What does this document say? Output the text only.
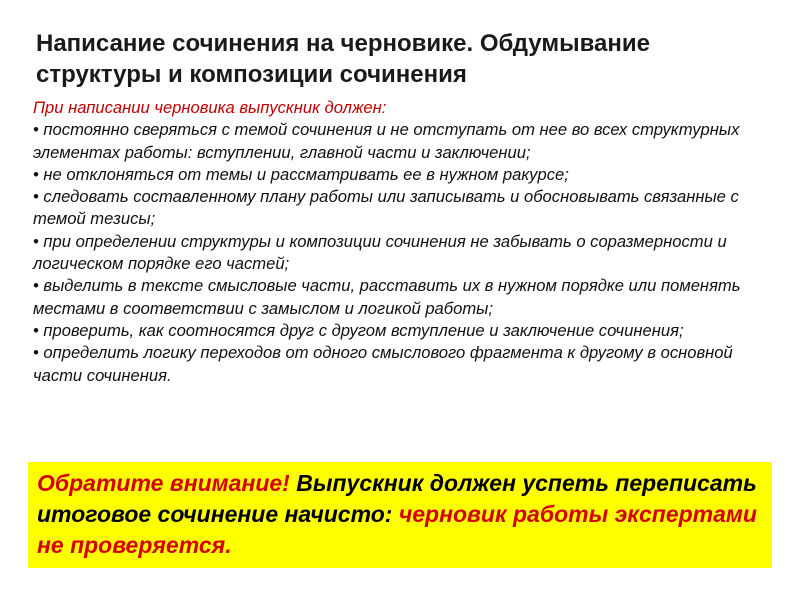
Написание сочинения на черновике. Обдумывание структуры и композиции сочинения
При написании черновика выпускник должен:
• постоянно сверяться с темой сочинения и не отступать от нее во всех структурных элементах работы: вступлении, главной части и заключении;
• не отклоняться от темы и рассматривать ее в нужном ракурсе;
• следовать составленному плану работы или записывать и обосновывать связанные с темой тезисы;
• при определении структуры и композиции сочинения не забывать о соразмерности и логическом порядке его частей;
• выделить в тексте смысловые части, расставить их в нужном порядке или поменять местами в соответствии с замыслом и логикой работы;
• проверить, как соотносятся друг с другом вступление и заключение сочинения;
• определить логику переходов от одного смыслового фрагмента к другому в основной части сочинения.
Обратите внимание! Выпускник должен успеть переписать итоговое сочинение начисто: черновик работы экспертами не проверяется.
